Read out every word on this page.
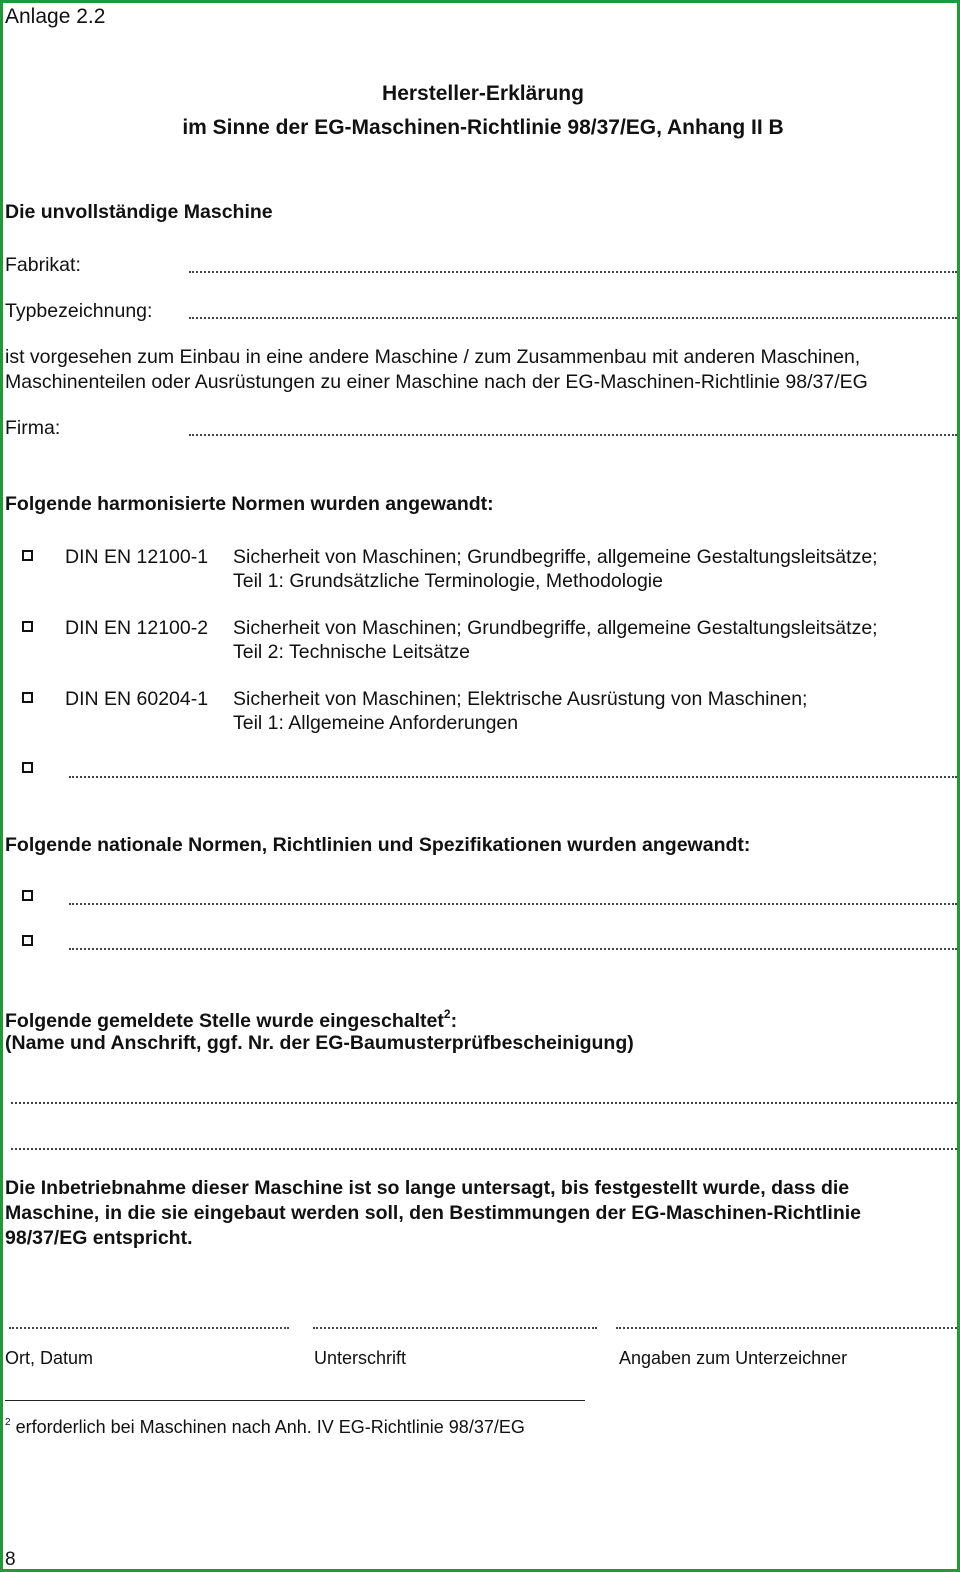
Anlage 2.2
Hersteller-Erklärung
im Sinne der EG-Maschinen-Richtlinie 98/37/EG, Anhang II B
Die unvollständige Maschine
Fabrikat:
Typbezeichnung:
ist vorgesehen zum Einbau in eine andere Maschine / zum Zusammenbau mit anderen Maschinen,
Maschinenteilen oder Ausrüstungen zu einer Maschine nach der EG-Maschinen-Richtlinie 98/37/EG
Firma:
Folgende harmonisierte Normen wurden angewandt:
DIN EN 12100-1 Sicherheit von Maschinen; Grundbegriffe, allgemeine Gestaltungsleitsätze;
Teil 1: Grundsätzliche Terminologie, Methodologie
DIN EN 12100-2 Sicherheit von Maschinen; Grundbegriffe, allgemeine Gestaltungsleitsätze;
Teil 2: Technische Leitsätze
DIN EN 60204-1 Sicherheit von Maschinen; Elektrische Ausrüstung von Maschinen;
Teil 1: Allgemeine Anforderungen
Folgende nationale Normen, Richtlinien und Spezifikationen wurden angewandt:
Folgende gemeldete Stelle wurde eingeschaltet$^2$:
(Name und Anschrift, ggf. Nr. der EG-Baumusterprüfbescheinigung)
Die Inbetriebnahme dieser Maschine ist so lange untersagt, bis festgestellt wurde, dass die
Maschine, in die sie eingebaut werden soll, den Bestimmungen der EG-Maschinen-Richtlinie
98/37/EG entspricht.
Ort, Datum	Unterschrift	Angaben zum Unterzeichner
$^2$ erforderlich bei Maschinen nach Anh. IV EG-Richtlinie 98/37/EG
8
